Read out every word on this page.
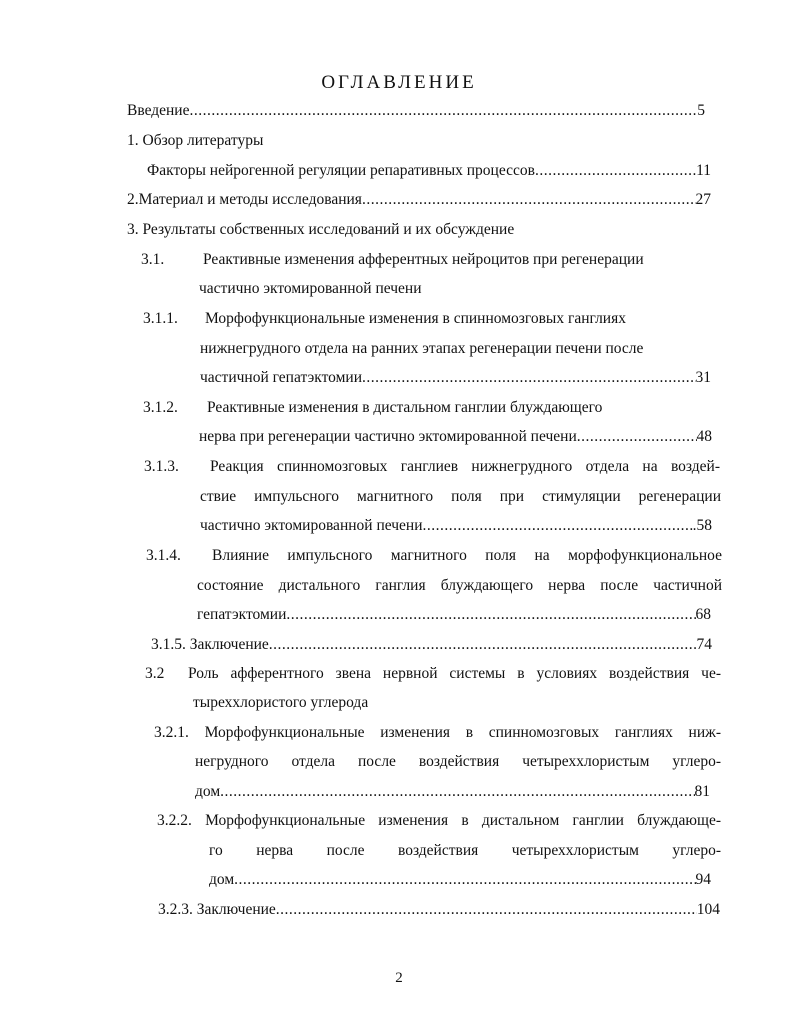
ОГЛАВЛЕНИЕ
Введение .....	5
1. Обзор литературы
Факторы нейрогенной регуляции репаративных процессов .....	11
2.Материал и методы исследования .....	27
3. Результаты собственных исследований и их обсуждение
3.1.	Реактивные изменения афферентных нейроцитов при регенерации
частично эктомированной печени
3.1.1. Морфофункциональные изменения в спинномозговых ганглиях
нижнегрудного отдела на ранних этапах регенерации печени после
частичной гепатэктомии .....	31
3.1.2. Реактивные изменения в дистальном ганглии блуждающего
нерва при регенерации частично эктомированной печени .....	48
3.1.3. Реакция спинномозговых ганглиев нижнегрудного отдела на воздей-
ствие импульсного магнитного поля при стимуляции регенерации
частично эктомированной печени .....	.58
3.1.4. Влияние импульсного магнитного поля на морфофункциональное
состояние дистального ганглия блуждающего нерва после частичной
гепатэктомии .....	68
3.1.5. Заключение .....	74
3.2 Роль афферентного звена нервной системы в условиях воздействия че-
тыреххлористого углерода
3.2.1. Морфофункциональные изменения в спинномозговых ганглиях ниж-
негрудного отдела после воздействия четыреххлористым углеро-
дом .....	81
3.2.2. Морфофункциональные изменения в дистальном ганглии блуждающе-
го нерва после воздействия четыреххлористым углеро-
дом .....	94
3.2.3. Заключение .....	104
2
